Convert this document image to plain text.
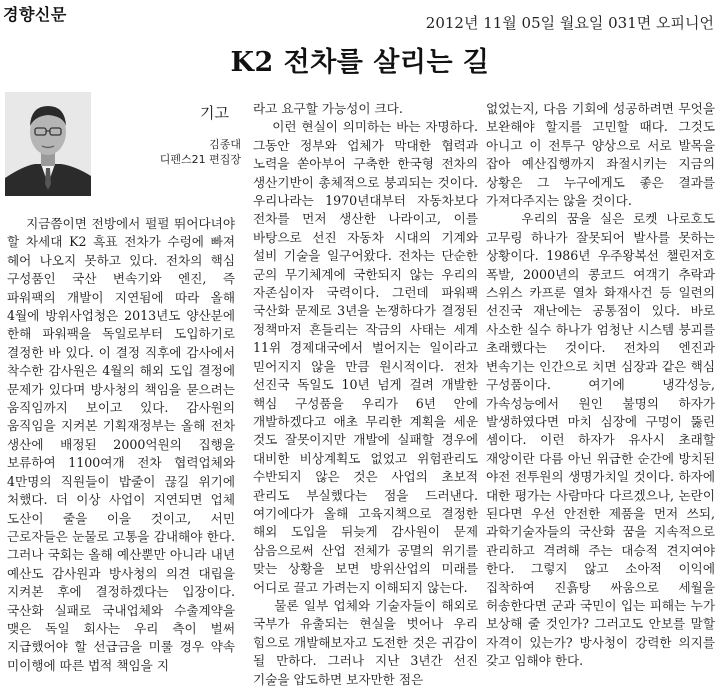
경향신문	2012년 11월 05일 월요일 031면 오피니언
K2 전차를 살리는 길
기고
김종대
디펜스21 편집장

지금쯤이면 전방에서 펄펄 뛰어다녀야 할 차세대 K2 흑표 전차가 수렁에 빠져 헤어 나오지 못하고 있다. 전차의 핵심 구성품인 국산 변속기와 엔진, 즉 파워팩의 개발이 지연됨에 따라 올해 4월에 방위사업청은 2013년도 양산분에 한해 파워팩을 독일로부터 도입하기로 결정한 바 있다. 이 결정 직후에 감사에서 착수한 감사원은 4월의 해외 도입 결정에 문제가 있다며 방사청의 책임을 묻으려는 움직임까지 보이고 있다. 감사원의 움직임을 지켜본 기획재정부는 올해 전차 생산에 배정된 2000억원의 집행을 보류하여 1100여개 전차 협력업체와 4만명의 직원들이 밥줄이 끊길 위기에 처했다. 더 이상 사업이 지연되면 업체 도산이 줄을 이을 것이고, 서민 근로자들은 눈물로 고통을 감내해야 한다. 그러나 국회는 올해 예산뿐만 아니라 내년 예산도 감사원과 방사청의 의견 대립을 지켜본 후에 결정하겠다는 입장이다. 국산화 실패로 국내업체와 수출계약을 맺은 독일 회사는 우리 측이 벌써 지급했어야 할 선급금을 미룰 경우 약속 미이행에 따른 법적 책임을 지

라고 요구할 가능성이 크다.
이런 현실이 의미하는 바는 자명하다. 그동안 정부와 업체가 막대한 협력과 노력을 쏟아부어 구축한 한국형 전차의 생산기반이 총체적으로 붕괴되는 것이다. 우리나라는 1970년대부터 자동차보다 전차를 먼저 생산한 나라이고, 이를 바탕으로 선진 자동차 시대의 기계와 설비 기술을 일구어왔다. 전차는 단순한 군의 무기체계에 국한되지 않는 우리의 자존심이자 국력이다. 그런데 파워팩 국산화 문제로 3년을 논쟁하다가 결정된 정책마저 흔들리는 작금의 사태는 세계 11위 경제대국에서 벌어지는 일이라고 믿어지지 않을 만큼 원시적이다. 전차 선진국 독일도 10년 넘게 걸려 개발한 핵심 구성품을 우리가 6년 안에 개발하겠다고 애초 무리한 계획을 세운 것도 잘못이지만 개발에 실패할 경우에 대비한 비상계획도 없었고 위험관리도 수반되지 않은 것은 사업의 초보적 관리도 부실했다는 점을 드러낸다. 여기에다가 올해 고육지책으로 결정한 해외 도입을 뒤늦게 감사원이 문제 삼음으로써 산업 전체가 공멸의 위기를 맞는 상황을 보면 방위산업의 미래를 어디로 끌고 가려는지 이해되지 않는다.
물론 일부 업체와 기술자들이 해외로 국부가 유출되는 현실을 벗어나 우리 힘으로 개발해보자고 도전한 것은 귀감이 될 만하다. 그러나 지난 3년간 선진 기술을 압도하면 보자만한 점은

없었는지, 다음 기회에 성공하려면 무엇을 보완해야 할지를 고민할 때다. 그것도 아니고 이 전투구 양상으로 서로 발목을 잡아 예산집행까지 좌절시키는 지금의 상황은 그 누구에게도 좋은 결과를 가져다주지는 않을 것이다.
우리의 꿈을 실은 로켓 나로호도 고무링 하나가 잘못되어 발사를 못하는 상황이다. 1986년 우주왕복선 챌린저호 폭발, 2000년의 콩코드 여객기 추락과 스위스 카프룬 열차 화재사건 등 일련의 선진국 재난에는 공통점이 있다. 바로 사소한 실수 하나가 엄청난 시스템 붕괴를 초래했다는 것이다. 전차의 엔진과 변속기는 인간으로 치면 심장과 같은 핵심 구성품이다. 여기에 냉각성능, 가속성능에서 원인 불명의 하자가 발생하였다면 마치 심장에 구멍이 뚫린 셈이다. 이런 하자가 유사시 초래할 재앙이란 다름 아닌 위급한 순간에 방치된 야전 전투원의 생명가치일 것이다. 하자에 대한 평가는 사람마다 다르겠으나, 논란이 된다면 우선 안전한 제품을 먼저 쓰되, 과학기술자들의 국산화 꿈을 지속적으로 관리하고 격려해 주는 대승적 견지여야 한다. 그렇지 않고 소아적 이익에 집착하여 진흙탕 싸움으로 세월을 허송한다면 군과 국민이 입는 피해는 누가 보상해 줄 것인가? 그러고도 안보를 말할 자격이 있는가? 방사청이 강력한 의지를 갖고 임해야 한다.
